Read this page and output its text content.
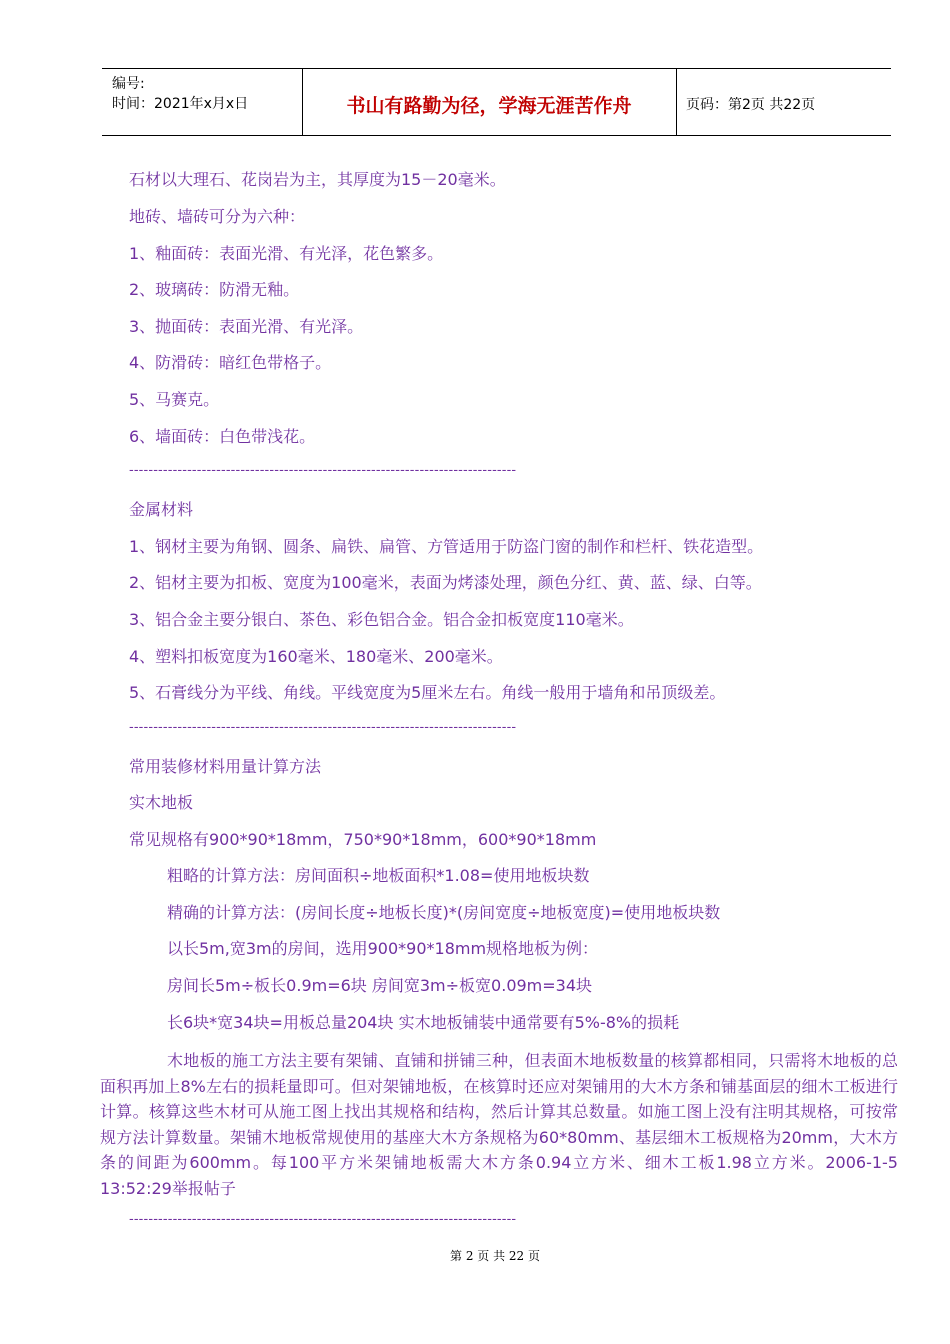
编号:
时间：2021年x月x日	书山有路勤为径，学海无涯苦作舟	页码：第2页 共22页
石材以大理石、花岗岩为主，其厚度为15－20毫米。
地砖、墙砖可分为六种：
1、釉面砖：表面光滑、有光泽，花色繁多。
2、玻璃砖：防滑无釉。
3、抛面砖：表面光滑、有光泽。
4、防滑砖：暗红色带格子。
5、马赛克。
6、墙面砖：白色带浅花。
--------------------------------------------------------------------------------
金属材料
1、钢材主要为角钢、圆条、扁铁、扁管、方管适用于防盗门窗的制作和栏杆、铁花造型。
2、铝材主要为扣板、宽度为100毫米，表面为烤漆处理，颜色分红、黄、蓝、绿、白等。
3、铝合金主要分银白、茶色、彩色铝合金。铝合金扣板宽度110毫米。
4、塑料扣板宽度为160毫米、180毫米、200毫米。
5、石膏线分为平线、角线。平线宽度为5厘米左右。角线一般用于墙角和吊顶级差。
--------------------------------------------------------------------------------
常用装修材料用量计算方法
实木地板
常见规格有900*90*18mm，750*90*18mm，600*90*18mm
粗略的计算方法：房间面积÷地板面积*1.08=使用地板块数
精确的计算方法：(房间长度÷地板长度)*(房间宽度÷地板宽度)=使用地板块数
以长5m,宽3m的房间，选用900*90*18mm规格地板为例：
房间长5m÷板长0.9m=6块 房间宽3m÷板宽0.09m=34块
长6块*宽34块=用板总量204块 实木地板铺装中通常要有5%-8%的损耗
木地板的施工方法主要有架铺、直铺和拼铺三种，但表面木地板数量的核算都相同，只需将木地板的总面积再加上8%左右的损耗量即可。但对架铺地板，在核算时还应对架铺用的大木方条和铺基面层的细木工板进行计算。核算这些木材可从施工图上找出其规格和结构，然后计算其总数量。如施工图上没有注明其规格，可按常规方法计算数量。架铺木地板常规使用的基座大木方条规格为60*80mm、基层细木工板规格为20mm，大木方条的间距为600mm。每100平方米架铺地板需大木方条0.94立方米、细木工板1.98立方米。2006-1-5 13:52:29举报帖子
--------------------------------------------------------------------------------
第 2 页 共 22 页
